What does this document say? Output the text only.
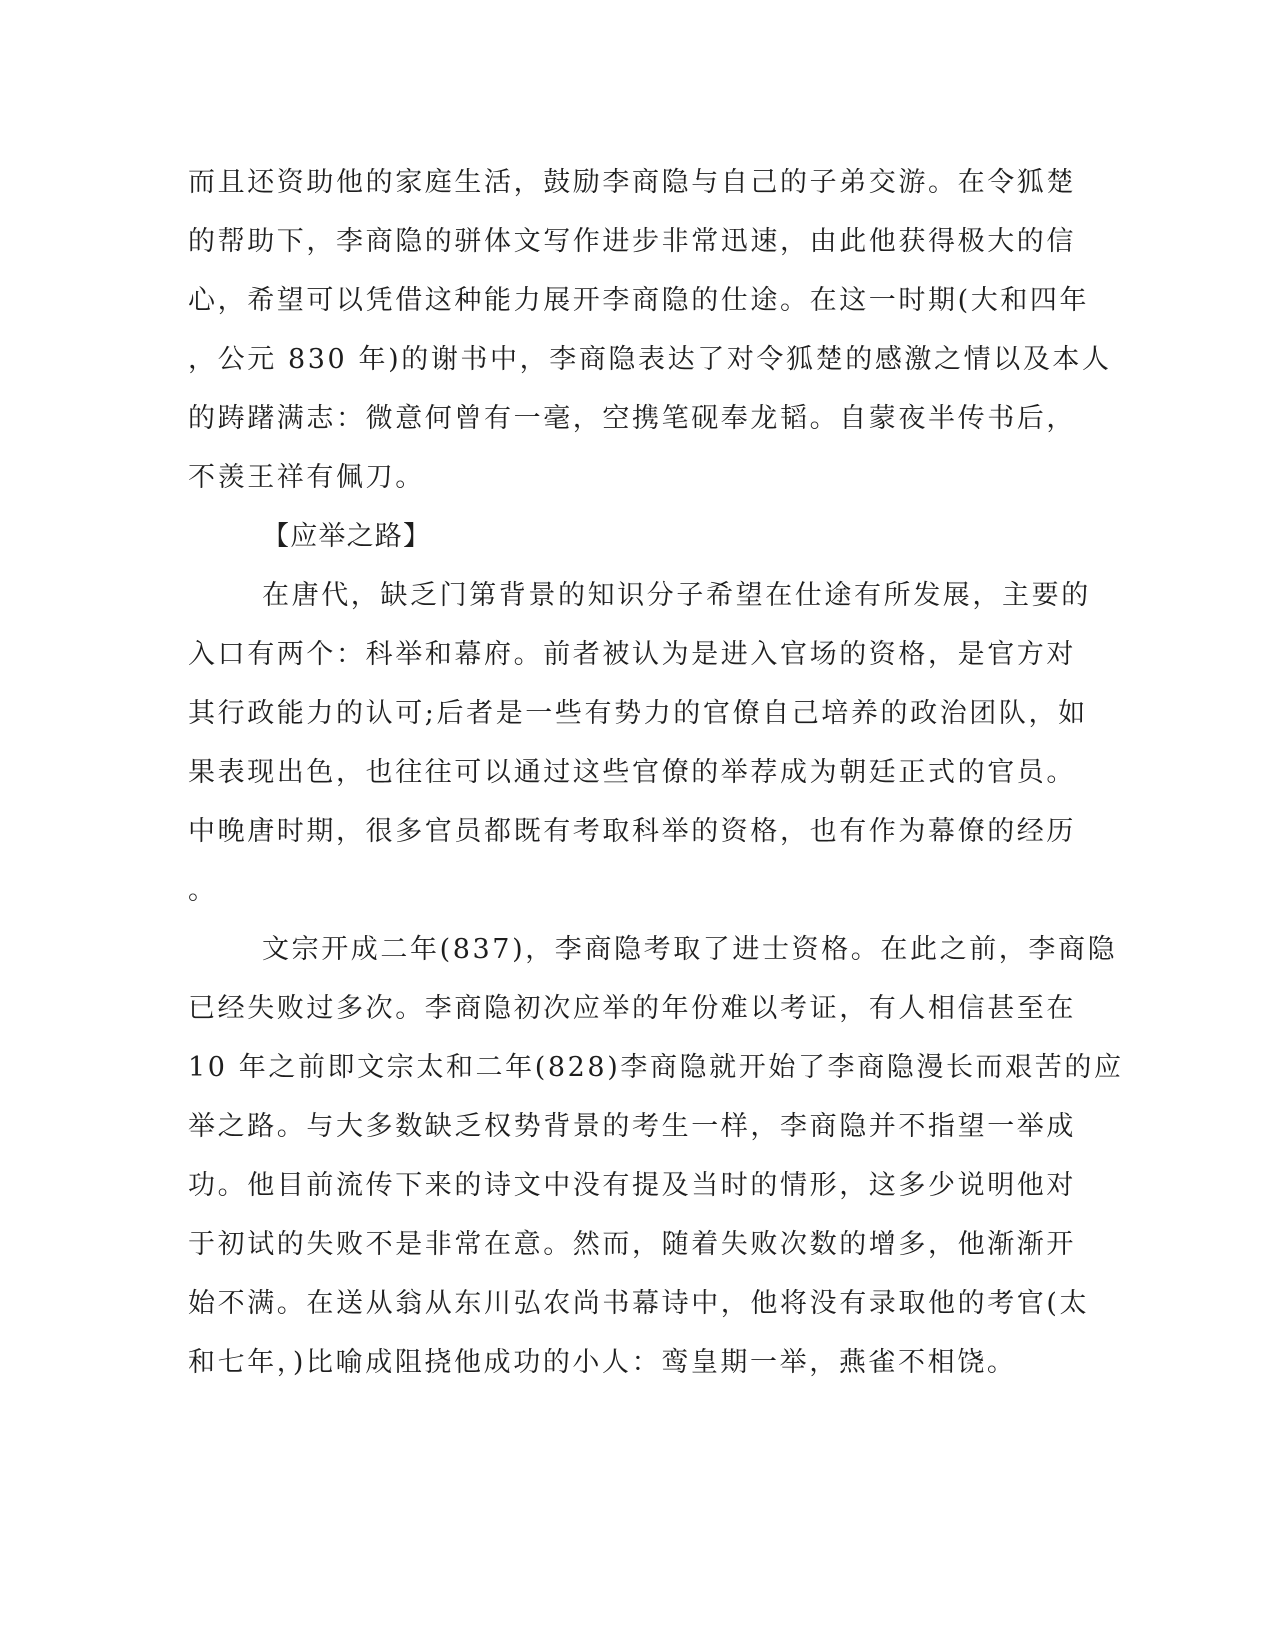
而且还资助他的家庭生活，鼓励李商隐与自己的子弟交游。在令狐楚
的帮助下，李商隐的骈体文写作进步非常迅速，由此他获得极大的信
心，希望可以凭借这种能力展开李商隐的仕途。在这一时期(大和四年
，公元 830 年)的谢书中，李商隐表达了对令狐楚的感激之情以及本人
的踌躇满志：微意何曾有一毫，空携笔砚奉龙韬。自蒙夜半传书后，
不羡王祥有佩刀。
【应举之路】
在唐代，缺乏门第背景的知识分子希望在仕途有所发展，主要的
入口有两个：科举和幕府。前者被认为是进入官场的资格，是官方对
其行政能力的认可;后者是一些有势力的官僚自己培养的政治团队，如
果表现出色，也往往可以通过这些官僚的举荐成为朝廷正式的官员。
中晚唐时期，很多官员都既有考取科举的资格，也有作为幕僚的经历
。
文宗开成二年(837)，李商隐考取了进士资格。在此之前，李商隐
已经失败过多次。李商隐初次应举的年份难以考证，有人相信甚至在
10 年之前即文宗太和二年(828)李商隐就开始了李商隐漫长而艰苦的应
举之路。与大多数缺乏权势背景的考生一样，李商隐并不指望一举成
功。他目前流传下来的诗文中没有提及当时的情形，这多少说明他对
于初试的失败不是非常在意。然而，随着失败次数的增多，他渐渐开
始不满。在送从翁从东川弘农尚书幕诗中，他将没有录取他的考官(太
和七年，)比喻成阻挠他成功的小人：鸾皇期一举，燕雀不相饶。
